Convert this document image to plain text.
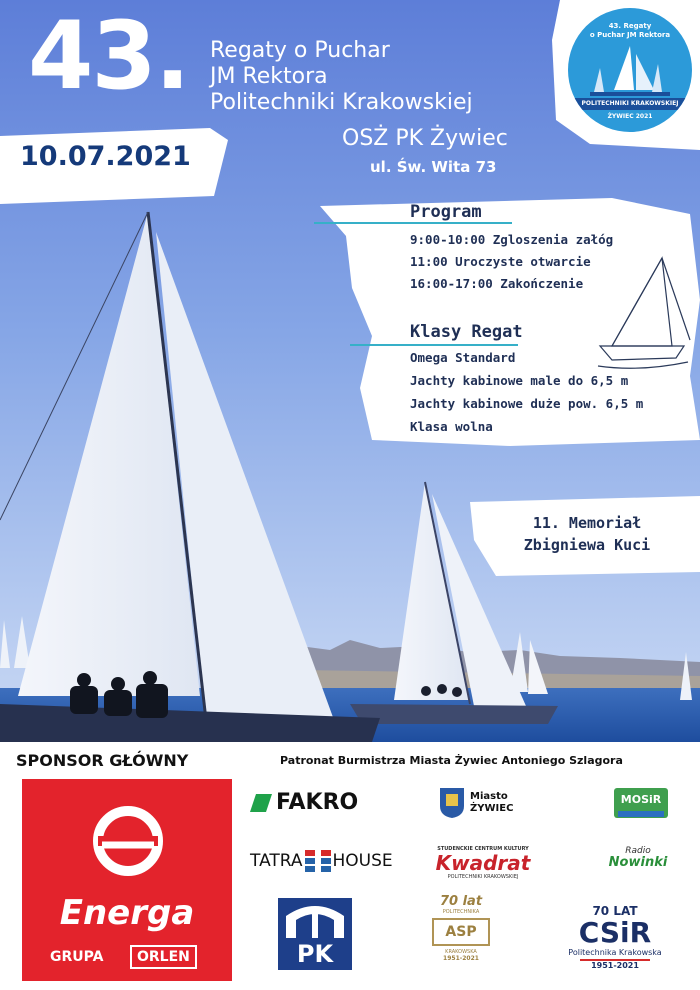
43. Regaty o Puchar
JM Rektora
Politechniki Krakowskiej
OSŻ PK Żywiec
ul. Św. Wita 73
10.07.2021
43. Regaty
o Puchar JM Rektora
POLITECHNIKI KRAKOWSKIEJ
ŻYWIEC 2021
Program
9:00-10:00 Zgloszenia załóg
11:00 Uroczyste otwarcie
16:00-17:00 Zakończenie
Klasy Regat
Omega Standard
Jachty kabinowe male do 6,5 m
Jachty kabinowe duże pow. 6,5 m
Klasa wolna
11. Memoriał
Zbigniewa Kuci
SPONSOR GŁÓWNY	Patronat Burmistrza Miasta Żywiec Antoniego Szlagora
Energa
GRUPA	ORLEN
FAKRO	Miasto
ŻYWIEC
MOSiR
TATRA HOUSE
STUDENCKIE CENTRUM KULTURY
Kwadrat
POLITECHNIKI KRAKOWSKIEJ
Radio
Nowinki
PK
70 lat
POLITECHNIKA
ASP
KRAKOWSKA
1951-2021
70 LAT
CSiR
Politechnika Krakowska
1951-2021
